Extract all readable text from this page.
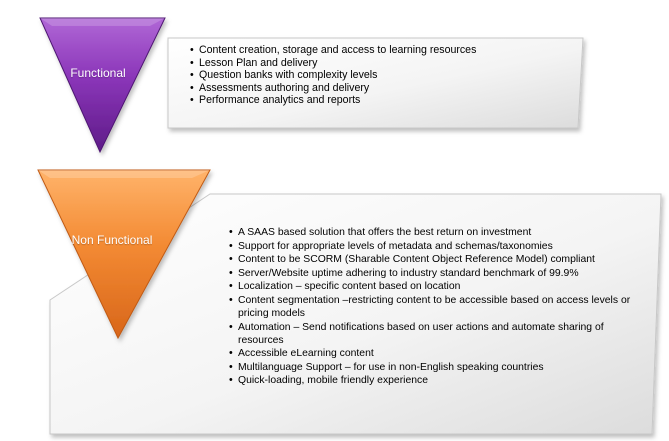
Functional
Non Functional
• Content creation, storage and access to learning resources
• Lesson Plan and delivery
• Question banks with complexity levels
• Assessments authoring and delivery
• Performance analytics and reports
• A SAAS based solution that offers the best return on investment
• Support for appropriate levels of metadata and schemas/taxonomies
• Content to be SCORM (Sharable Content Object Reference Model) compliant
• Server/Website uptime adhering to industry standard benchmark of 99.9%
• Localization – specific content based on location
• Content segmentation –restricting content to be accessible based on access levels or pricing models
• Automation – Send notifications based on user actions and automate sharing of resources
• Accessible eLearning content
• Multilanguage Support – for use in non-English speaking countries
• Quick-loading, mobile friendly experience
